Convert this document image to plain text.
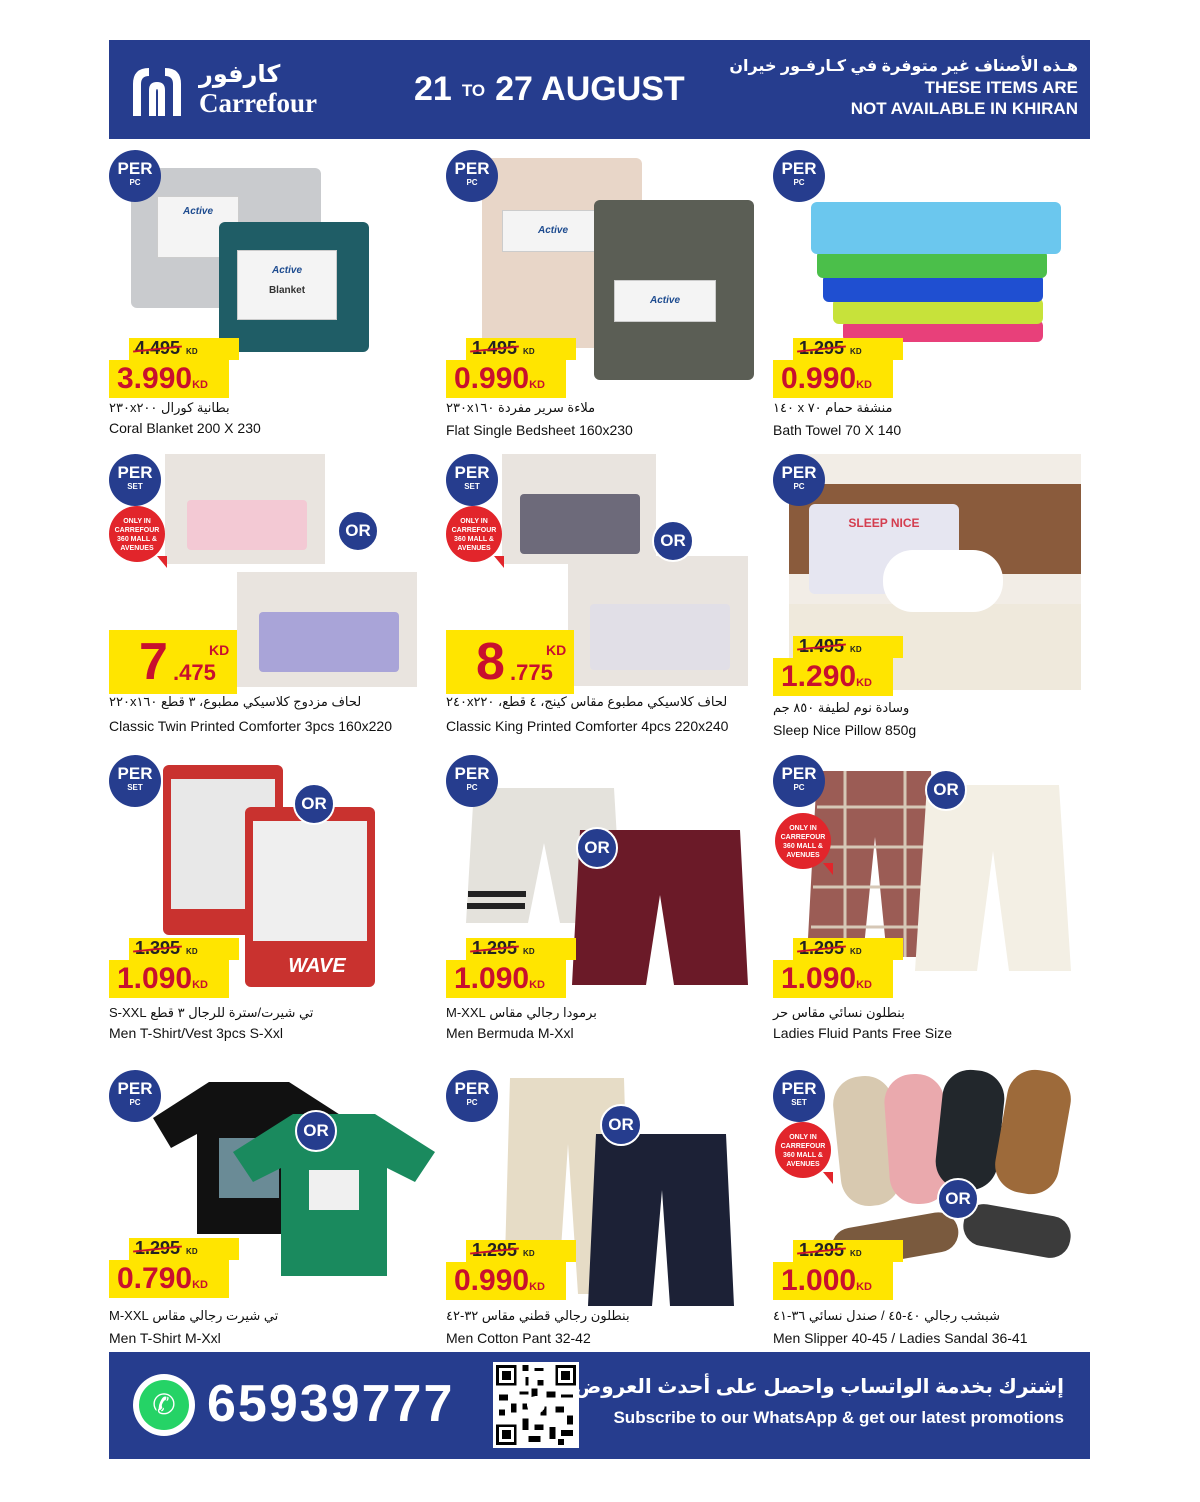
كارفور
Carrefour	21 TO 27 AUGUST
هـذه الأصناف غير متوفرة في كـارفـور خيران
THESE ITEMS ARE
NOT AVAILABLE IN KHIRAN
PER
PC
Active
Active
Blanket
4.495 KD
3.990KD
بطانية كورال ٢٣٠x٢٠٠
Coral Blanket 200 X 230
PER
PC
Active
Active
1.495 KD
0.990KD
ملاءة سرير مفردة ٢٣٠x١٦٠
Flat Single Bedsheet 160x230
PER
PC
1.295 KD
0.990KD
منشفة حمام ٧٠ x ١٤٠
Bath Towel 70 X 140
PER
SET
ONLY IN CARREFOUR 360 MALL & AVENUES
OR
7 .475
KD
لحاف مزدوج كلاسيكي مطبوع، ٣ قطع ٢٢٠x١٦٠
Classic Twin Printed Comforter 3pcs 160x220
PER
SET
ONLY IN CARREFOUR 360 MALL & AVENUES	OR
8 .775
KD
لحاف كلاسيكي مطبوع مقاس كينج، ٤ قطع، ٢٤٠x٢٢٠
Classic King Printed Comforter 4pcs 220x240
PER
PC
SLEEP NICE
1.495 KD
1.290KD
وسادة نوم لطيفة ٨٥٠ جم
Sleep Nice Pillow 850g
PER
SET
WAVE
OR
1.395 KD
1.090KD
تي شيرت/سترة للرجال ٣ قطع S-XXL
Men T-Shirt/Vest 3pcs S-Xxl
PER
PC
OR
1.295 KD
1.090KD
برمودا رجالي مقاس M-XXL
Men Bermuda M-Xxl
PER
PC
ONLY IN CARREFOUR 360 MALL & AVENUES
OR
1.295 KD
1.090KD
بنطلون نسائي مقاس حر
Ladies Fluid Pants Free Size
PER
PC
OR
1.295 KD
0.790KD
تي شيرت رجالي مقاس M-XXL
Men T-Shirt M-Xxl
PER
PC
OR
1.295 KD
0.990KD
بنطلون رجالي قطني مقاس ٣٢-٤٢
Men Cotton Pant 32-42
PER
SET
ONLY IN CARREFOUR 360 MALL & AVENUES
OR
1.295 KD
1.000KD
شبشب رجالي ٤٠-٤٥ / صندل نسائي ٣٦-٤١
Men Slipper 40-45 / Ladies Sandal 36-41
✆ 65939777	إشترك بخدمة الواتساب واحصل على أحدث العروض
Subscribe to our WhatsApp & get our latest promotions
